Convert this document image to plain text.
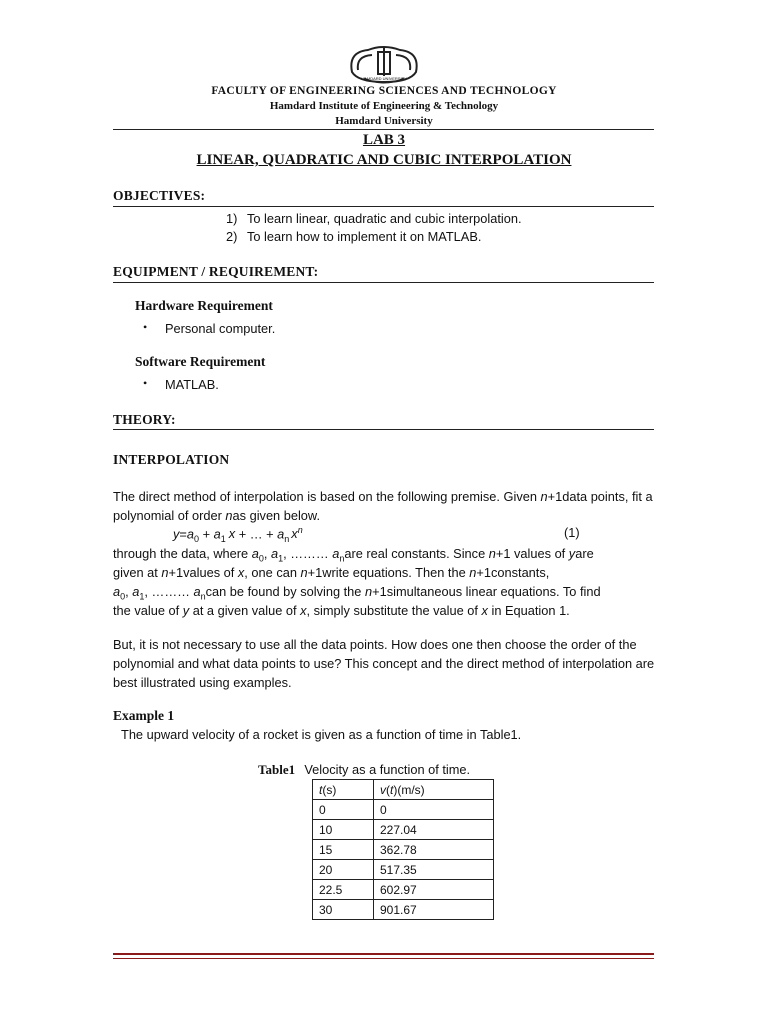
HAMDARD UNIVERSITY
FACULTY OF ENGINEERING SCIENCES AND TECHNOLOGY
Hamdard Institute of Engineering & Technology
Hamdard University
LAB 3
LINEAR, QUADRATIC AND CUBIC INTERPOLATION
OBJECTIVES:
1) To learn linear, quadratic and cubic interpolation.
2) To learn how to implement it on MATLAB.
EQUIPMENT / REQUIREMENT:
Hardware Requirement
• Personal computer.
Software Requirement
• MATLAB.
THEORY:
INTERPOLATION
The direct method of interpolation is based on the following premise. Given n+1data points, fit a polynomial of order nas given below.
$y=a_0 + a_1$ x + … + $a_n$ $x^n$	(1)
through the data, where $a_0$, $a_1$, ……… $a_nare$ real constants. Since n+1 values of yare
given at n+1values of x, one can n+1write equations. Then the n+1constants,
$a_0$, $a_1$, ……… $a_ncan$ be found by solving the n+1simultaneous linear equations. To find
the value of y at a given value of x, simply substitute the value of x in Equation 1.
But, it is not necessary to use all the data points. How does one then choose the order of the polynomial and what data points to use? This concept and the direct method of interpolation are best illustrated using examples.
Example 1
The upward velocity of a rocket is given as a function of time in Table1.
Table1 Velocity as a function of time.
t(s)	v(t)(m/s)
0	0
10	227.04
15	362.78
20	517.35
22.5	602.97
30	901.67
